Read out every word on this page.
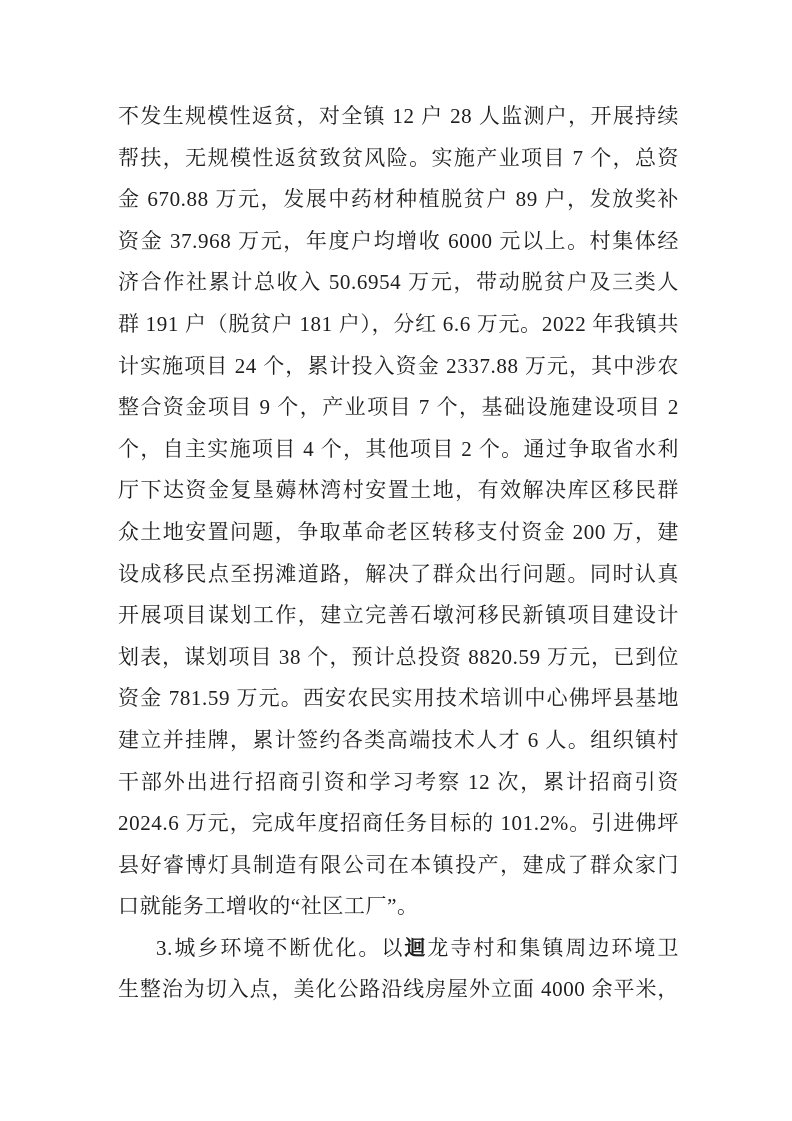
不发生规模性返贫，对全镇 12 户 28 人监测户，开展持续
帮扶，无规模性返贫致贫风险。实施产业项目 7 个，总资
金 670.88 万元，发展中药材种植脱贫户 89 户，发放奖补
资金 37.968 万元，年度户均增收 6000 元以上。村集体经
济合作社累计总收入 50.6954 万元，带动脱贫户及三类人
群 191 户（脱贫户 181 户），分红 6.6 万元。2022 年我镇共
计实施项目 24 个，累计投入资金 2337.88 万元，其中涉农
整合资金项目 9 个，产业项目 7 个，基础设施建设项目 2
个，自主实施项目 4 个，其他项目 2 个。通过争取省水利
厅下达资金复垦薅林湾村安置土地，有效解决库区移民群
众土地安置问题，争取革命老区转移支付资金 200 万，建
设成移民点至拐滩道路，解决了群众出行问题。同时认真
开展项目谋划工作，建立完善石墩河移民新镇项目建设计
划表，谋划项目 38 个，预计总投资 8820.59 万元，已到位
资金 781.59 万元。西安农民实用技术培训中心佛坪县基地
建立并挂牌，累计签约各类高端技术人才 6 人。组织镇村
干部外出进行招商引资和学习考察 12 次，累计招商引资
2024.6 万元，完成年度招商任务目标的 101.2%。引进佛坪
县好睿博灯具制造有限公司在本镇投产，建成了群众家门
口就能务工增收的“社区工厂”。
3.城乡环境不断优化。以迴龙寺村和集镇周边环境卫
生整治为切入点，美化公路沿线房屋外立面 4000 余平米，
